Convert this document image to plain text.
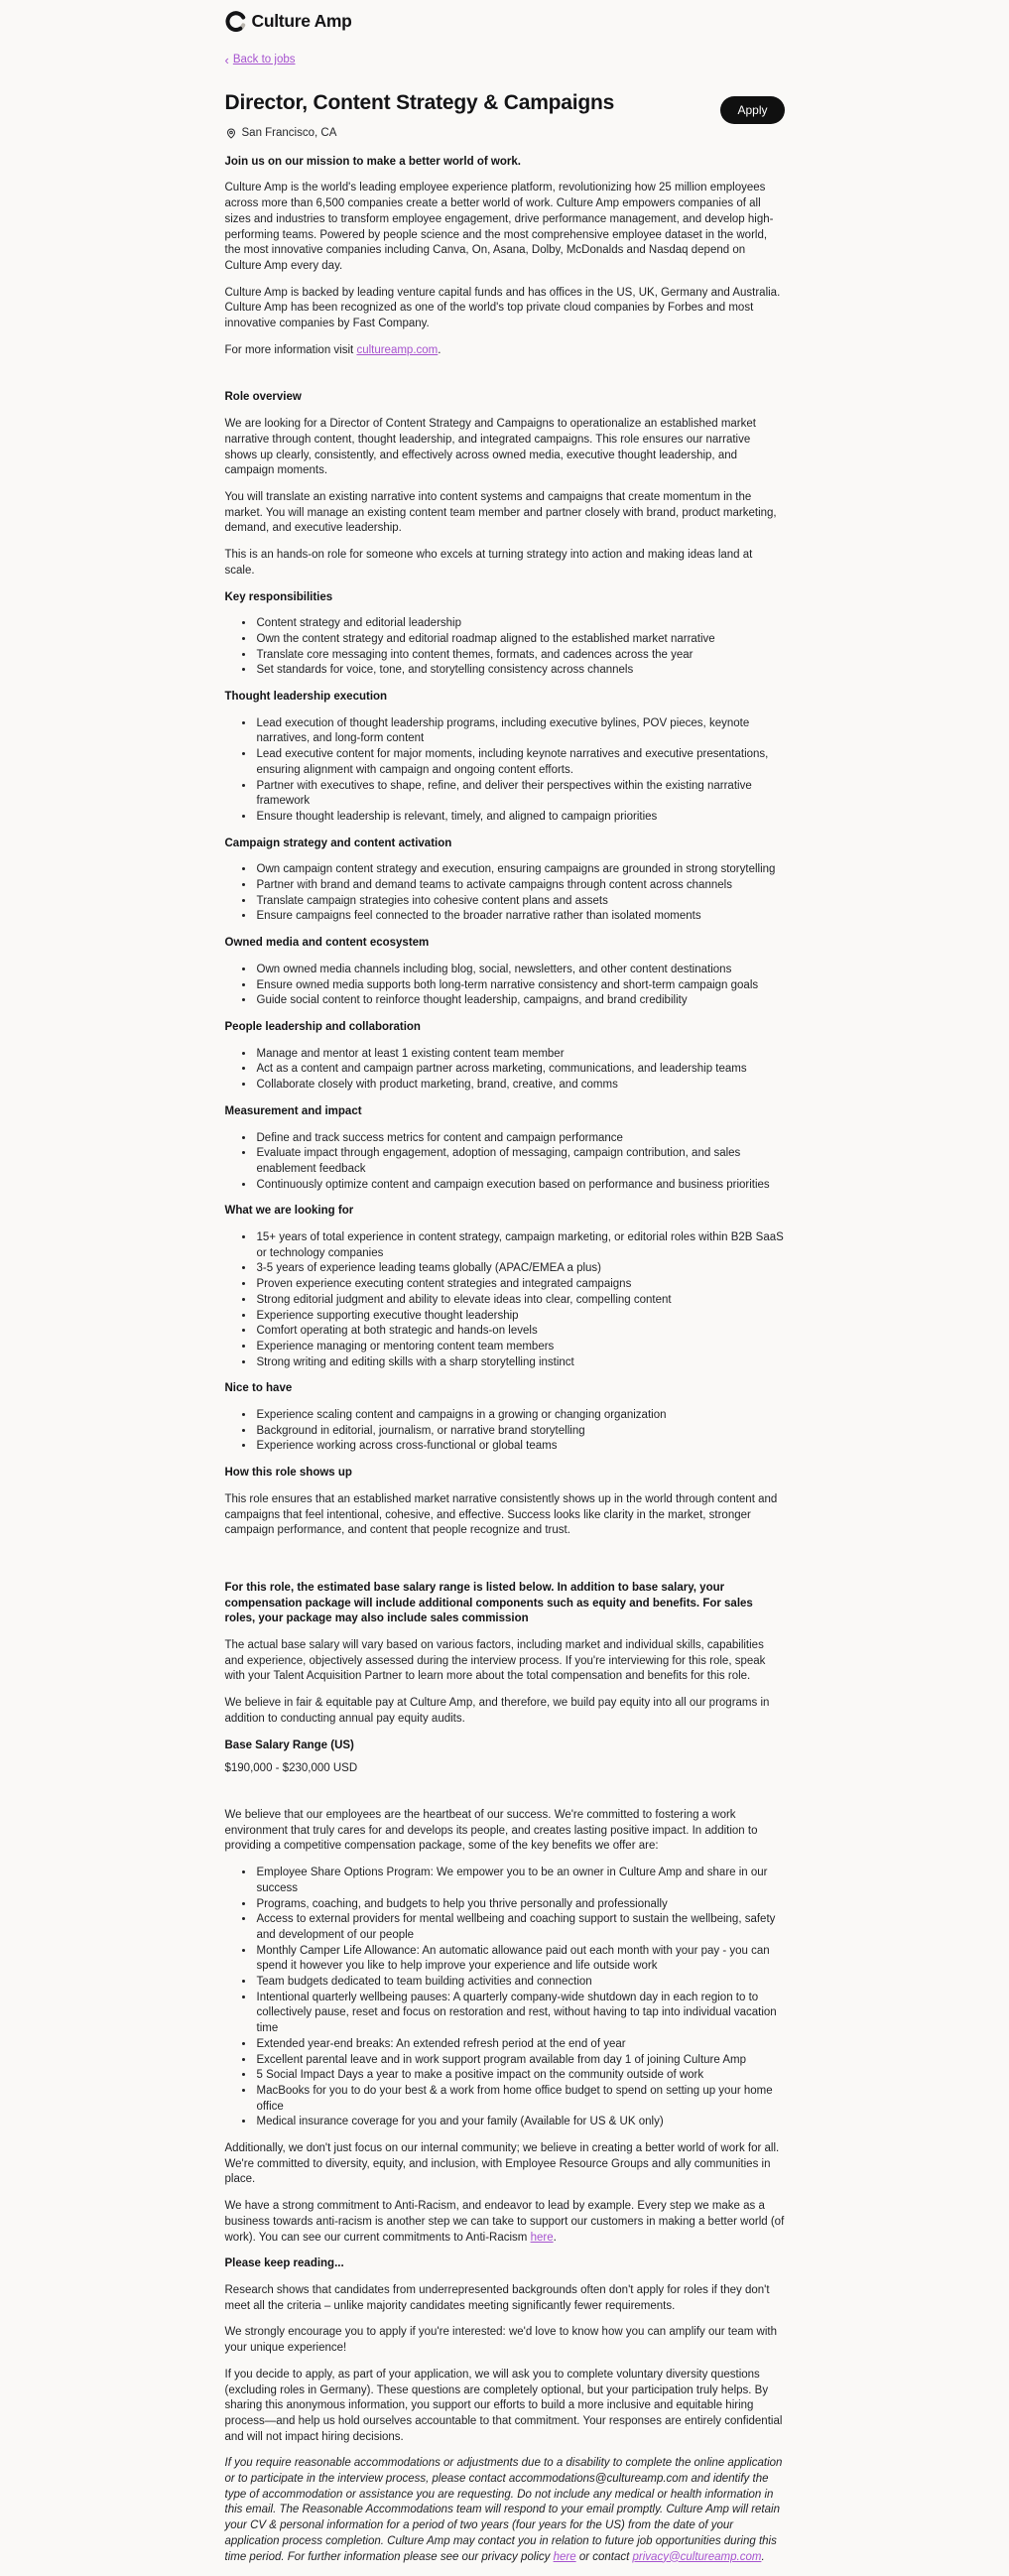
Culture Amp
‹ Back to jobs
Director, Content Strategy & Campaigns	Apply
San Francisco, CA

Join us on our mission to make a better world of work.

Culture Amp is the world's leading employee experience platform, revolutionizing how 25 million employees across more than 6,500 companies create a better world of work. Culture Amp empowers companies of all sizes and industries to transform employee engagement, drive performance management, and develop high-performing teams. Powered by people science and the most comprehensive employee dataset in the world, the most innovative companies including Canva, On, Asana, Dolby, McDonalds and Nasdaq depend on Culture Amp every day.

Culture Amp is backed by leading venture capital funds and has offices in the US, UK, Germany and Australia. Culture Amp has been recognized as one of the world's top private cloud companies by Forbes and most innovative companies by Fast Company.

For more information visit cultureamp.com.

Role overview

We are looking for a Director of Content Strategy and Campaigns to operationalize an established market narrative through content, thought leadership, and integrated campaigns. This role ensures our narrative shows up clearly, consistently, and effectively across owned media, executive thought leadership, and campaign moments.

You will translate an existing narrative into content systems and campaigns that create momentum in the market. You will manage an existing content team member and partner closely with brand, product marketing, demand, and executive leadership.

This is an hands-on role for someone who excels at turning strategy into action and making ideas land at scale.

Key responsibilities
• Content strategy and editorial leadership
• Own the content strategy and editorial roadmap aligned to the established market narrative
• Translate core messaging into content themes, formats, and cadences across the year
• Set standards for voice, tone, and storytelling consistency across channels
Thought leadership execution
• Lead execution of thought leadership programs, including executive bylines, POV pieces, keynote narratives, and long-form content
• Lead executive content for major moments, including keynote narratives and executive presentations, ensuring alignment with campaign and ongoing content efforts.
• Partner with executives to shape, refine, and deliver their perspectives within the existing narrative framework
• Ensure thought leadership is relevant, timely, and aligned to campaign priorities
Campaign strategy and content activation
• Own campaign content strategy and execution, ensuring campaigns are grounded in strong storytelling
• Partner with brand and demand teams to activate campaigns through content across channels
• Translate campaign strategies into cohesive content plans and assets
• Ensure campaigns feel connected to the broader narrative rather than isolated moments
Owned media and content ecosystem
• Own owned media channels including blog, social, newsletters, and other content destinations
• Ensure owned media supports both long-term narrative consistency and short-term campaign goals
• Guide social content to reinforce thought leadership, campaigns, and brand credibility
People leadership and collaboration
• Manage and mentor at least 1 existing content team member
• Act as a content and campaign partner across marketing, communications, and leadership teams
• Collaborate closely with product marketing, brand, creative, and comms
Measurement and impact
• Define and track success metrics for content and campaign performance
• Evaluate impact through engagement, adoption of messaging, campaign contribution, and sales enablement feedback
• Continuously optimize content and campaign execution based on performance and business priorities
What we are looking for
• 15+ years of total experience in content strategy, campaign marketing, or editorial roles within B2B SaaS or technology companies
• 3-5 years of experience leading teams globally (APAC/EMEA a plus)
• Proven experience executing content strategies and integrated campaigns
• Strong editorial judgment and ability to elevate ideas into clear, compelling content
• Experience supporting executive thought leadership
• Comfort operating at both strategic and hands-on levels
• Experience managing or mentoring content team members
• Strong writing and editing skills with a sharp storytelling instinct
Nice to have
• Experience scaling content and campaigns in a growing or changing organization
• Background in editorial, journalism, or narrative brand storytelling
• Experience working across cross-functional or global teams
How this role shows up

This role ensures that an established market narrative consistently shows up in the world through content and campaigns that feel intentional, cohesive, and effective. Success looks like clarity in the market, stronger campaign performance, and content that people recognize and trust.

For this role, the estimated base salary range is listed below. In addition to base salary, your compensation package will include additional components such as equity and benefits. For sales roles, your package may also include sales commission

The actual base salary will vary based on various factors, including market and individual skills, capabilities and experience, objectively assessed during the interview process. If you're interviewing for this role, speak with your Talent Acquisition Partner to learn more about the total compensation and benefits for this role.

We believe in fair & equitable pay at Culture Amp, and therefore, we build pay equity into all our programs in addition to conducting annual pay equity audits.

Base Salary Range (US)

$190,000 - $230,000 USD

We believe that our employees are the heartbeat of our success. We're committed to fostering a work environment that truly cares for and develops its people, and creates lasting positive impact. In addition to providing a competitive compensation package, some of the key benefits we offer are:

• Employee Share Options Program: We empower you to be an owner in Culture Amp and share in our success
• Programs, coaching, and budgets to help you thrive personally and professionally
• Access to external providers for mental wellbeing and coaching support to sustain the wellbeing, safety and development of our people
• Monthly Camper Life Allowance: An automatic allowance paid out each month with your pay - you can spend it however you like to help improve your experience and life outside work
• Team budgets dedicated to team building activities and connection
• Intentional quarterly wellbeing pauses: A quarterly company-wide shutdown day in each region to to collectively pause, reset and focus on restoration and rest, without having to tap into individual vacation time
• Extended year-end breaks: An extended refresh period at the end of year
• Excellent parental leave and in work support program available from day 1 of joining Culture Amp
• 5 Social Impact Days a year to make a positive impact on the community outside of work
• MacBooks for you to do your best & a work from home office budget to spend on setting up your home office
• Medical insurance coverage for you and your family (Available for US & UK only)

Additionally, we don't just focus on our internal community; we believe in creating a better world of work for all. We're committed to diversity, equity, and inclusion, with Employee Resource Groups and ally communities in place.

We have a strong commitment to Anti-Racism, and endeavor to lead by example. Every step we make as a business towards anti-racism is another step we can take to support our customers in making a better world (of work). You can see our current commitments to Anti-Racism here.

Please keep reading...

Research shows that candidates from underrepresented backgrounds often don't apply for roles if they don't meet all the criteria – unlike majority candidates meeting significantly fewer requirements.

We strongly encourage you to apply if you're interested: we'd love to know how you can amplify our team with your unique experience!

If you decide to apply, as part of your application, we will ask you to complete voluntary diversity questions (excluding roles in Germany). These questions are completely optional, but your participation truly helps. By sharing this anonymous information, you support our efforts to build a more inclusive and equitable hiring process—and help us hold ourselves accountable to that commitment. Your responses are entirely confidential and will not impact hiring decisions.

If you require reasonable accommodations or adjustments due to a disability to complete the online application or to participate in the interview process, please contact accommodations@cultureamp.com and identify the type of accommodation or assistance you are requesting. Do not include any medical or health information in this email. The Reasonable Accommodations team will respond to your email promptly. Culture Amp will retain your CV & personal information for a period of two years (four years for the US) from the date of your application process completion. Culture Amp may contact you in relation to future job opportunities during this time period. For further information please see our privacy policy here or contact privacy@cultureamp.com.
